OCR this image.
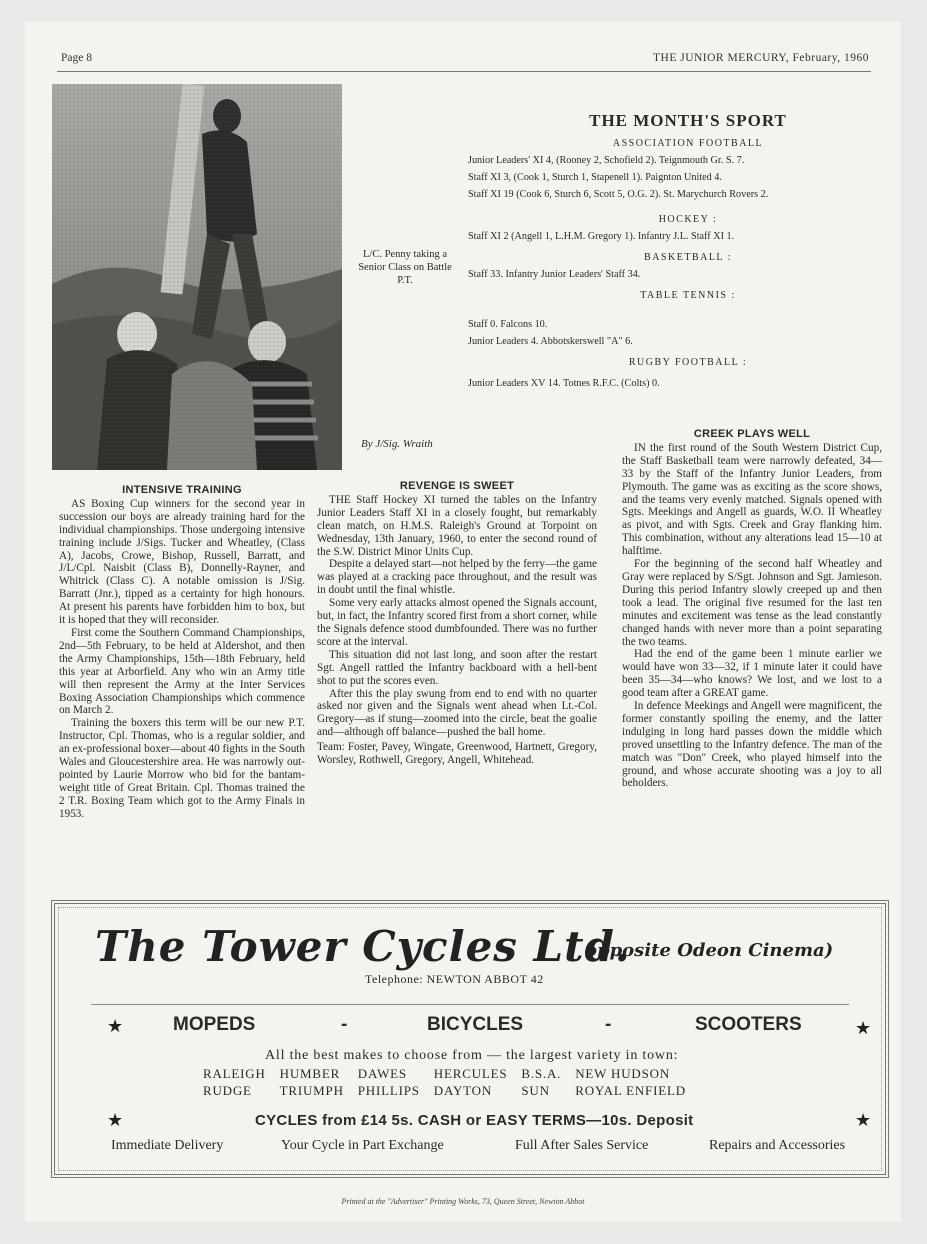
Page 8	THE JUNIOR MERCURY, February, 1960
L/C. Penny taking a Senior Class on Battle P.T.
THE MONTH'S SPORT
ASSOCIATION FOOTBALL
Junior Leaders' XI 4, (Rooney 2, Schofield 2). Teignmouth Gr. S. 7.
Staff XI 3, (Cook 1, Sturch 1, Stapenell 1). Paignton United 4.
Staff XI 19 (Cook 6, Sturch 6, Scott 5, O.G. 2). St. Marychurch Rovers 2.
HOCKEY :
Staff XI 2 (Angell 1, L.H.M. Gregory 1). Infantry J.L. Staff XI 1.
BASKETBALL :
Staff 33. Infantry Junior Leaders' Staff 34.
TABLE TENNIS :
Staff 0. Falcons 10.
Junior Leaders 4. Abbotskerswell "A" 6.
RUGBY FOOTBALL :
Junior Leaders XV 14. Totnes R.F.C. (Colts) 0.
By J/Sig. Wraith
INTENSIVE TRAINING

AS Boxing Cup winners for the second year in succession our boys are already training hard for the individual championships. Those undergoing intensive training include J/Sigs. Tucker and Wheatley, (Class A), Jacobs, Crowe, Bishop, Russell, Barratt, and J/L/Cpl. Naisbit (Class B), Donnelly-Rayner, and Whitrick (Class C). A notable omission is J/Sig. Barratt (Jnr.), tipped as a certainty for high honours. At present his parents have forbidden him to box, but it is hoped that they will reconsider.

First come the Southern Command Championships, 2nd—5th February, to be held at Aldershot, and then the Army Championships, 15th—18th February, held this year at Arborfield. Any who win an Army title will then represent the Army at the Inter Services Boxing Association Championships which commence on March 2.

Training the boxers this term will be our new P.T. Instructor, Cpl. Thomas, who is a regular soldier, and an ex-professional boxer—about 40 fights in the South Wales and Gloucestershire area. He was narrowly out-pointed by Laurie Morrow who bid for the bantam-weight title of Great Britain. Cpl. Thomas trained the 2 T.R. Boxing Team which got to the Army Finals in 1953.

REVENGE IS SWEET

THE Staff Hockey XI turned the tables on the Infantry Junior Leaders Staff XI in a closely fought, but remarkably clean match, on H.M.S. Raleigh's Ground at Torpoint on Wednesday, 13th January, 1960, to enter the second round of the S.W. District Minor Units Cup.

Despite a delayed start—not helped by the ferry—the game was played at a cracking pace throughout, and the result was in doubt until the final whistle.

Some very early attacks almost opened the Signals account, but, in fact, the Infantry scored first from a short corner, while the Signals defence stood dumbfounded. There was no further score at the interval.

This situation did not last long, and soon after the restart Sgt. Angell rattled the Infantry backboard with a hell-bent shot to put the scores even.

After this the play swung from end to end with no quarter asked nor given and the Signals went ahead when Lt.-Col. Gregory—as if stung—zoomed into the circle, beat the goalie and—although off balance—pushed the ball home.

Team: Foster, Pavey, Wingate, Greenwood, Hartnett, Gregory, Worsley, Rothwell, Gregory, Angell, Whitehead.

CREEK PLAYS WELL

IN the first round of the South Western District Cup, the Staff Basketball team were narrowly defeated, 34—33 by the Staff of the Infantry Junior Leaders, from Plymouth. The game was as exciting as the score shows, and the teams very evenly matched. Signals opened with Sgts. Meekings and Angell as guards, W.O. II Wheatley as pivot, and with Sgts. Creek and Gray flanking him. This combination, without any alterations lead 15—10 at halftime.

For the beginning of the second half Wheatley and Gray were replaced by S/Sgt. Johnson and Sgt. Jamieson. During this period Infantry slowly creeped up and then took a lead. The original five resumed for the last ten minutes and excitement was tense as the lead constantly changed hands with never more than a point separating the two teams.

Had the end of the game been 1 minute earlier we would have won 33—32, if 1 minute later it could have been 35—34—who knows? We lost, and we lost to a good team after a GREAT game.

In defence Meekings and Angell were magnificent, the former constantly spoiling the enemy, and the latter indulging in long hard passes down the middle which proved unsettling to the Infantry defence. The man of the match was "Don" Creek, who played himself into the ground, and whose accurate shooting was a joy to all beholders.

The Tower Cycles Ltd.
opposite Odeon Cinema)
Telephone: NEWTON ABBOT 42
★	MOPEDS	-	BICYCLES	-	SCOOTERS	★
All the best makes to choose from — the largest variety in town:
RALEIGH	HUMBER	DAWES	HERCULES	B.S.A.	NEW HUDSON
RUDGE	TRIUMPH	PHILLIPS	DAYTON	SUN	ROYAL ENFIELD
★	CYCLES from £14 5s. CASH or EASY TERMS—10s. Deposit	★
Immediate Delivery	Your Cycle in Part Exchange	Full After Sales Service	Repairs and Accessories
Printed at the "Advertiser" Printing Works, 73, Queen Street, Newton Abbot
